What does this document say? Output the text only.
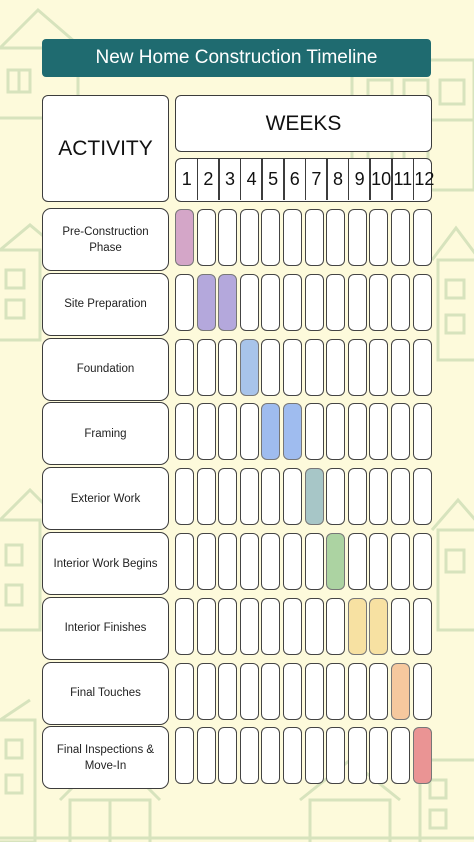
New Home Construction Timeline
ACTIVITY
WEEKS
1 2 3 4 5 6 7 8 9 10 11 12
Pre-Construction Phase
Site Preparation
Foundation
Framing
Exterior Work
Interior Work Begins
Interior Finishes
Final Touches
Final Inspections & Move-In
